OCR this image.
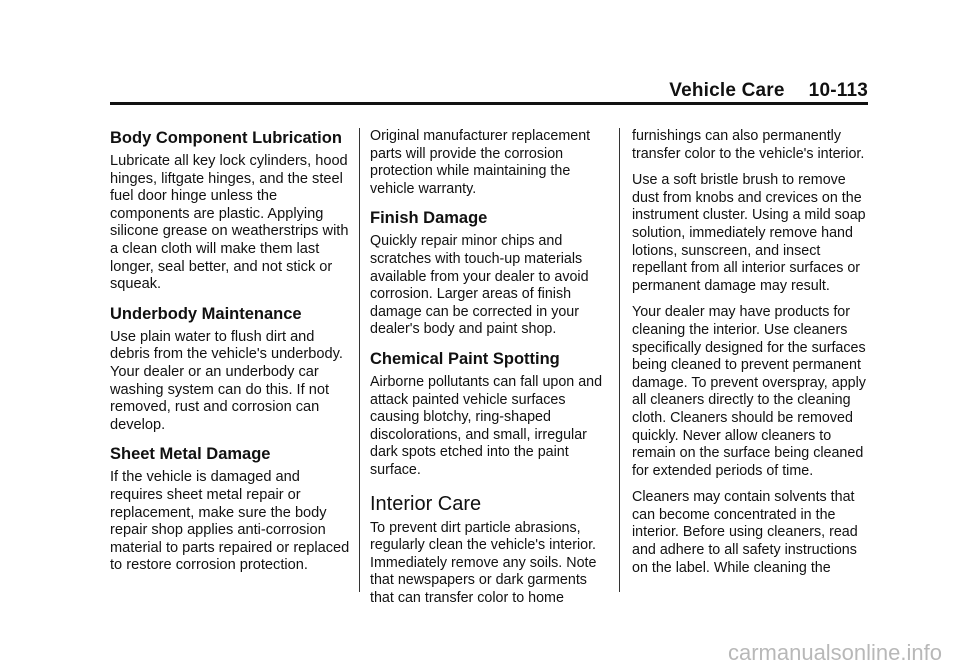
Vehicle Care 10-113
Body Component Lubrication

Lubricate all key lock cylinders, hood hinges, liftgate hinges, and the steel fuel door hinge unless the components are plastic. Applying silicone grease on weatherstrips with a clean cloth will make them last longer, seal better, and not stick or squeak.

Underbody Maintenance

Use plain water to flush dirt and debris from the vehicle's underbody. Your dealer or an underbody car washing system can do this. If not removed, rust and corrosion can develop.

Sheet Metal Damage

If the vehicle is damaged and requires sheet metal repair or replacement, make sure the body repair shop applies anti-corrosion material to parts repaired or replaced to restore corrosion protection.

Original manufacturer replacement parts will provide the corrosion protection while maintaining the vehicle warranty.

Finish Damage

Quickly repair minor chips and scratches with touch-up materials available from your dealer to avoid corrosion. Larger areas of finish damage can be corrected in your dealer's body and paint shop.

Chemical Paint Spotting

Airborne pollutants can fall upon and attack painted vehicle surfaces causing blotchy, ring-shaped discolorations, and small, irregular dark spots etched into the paint surface.

Interior Care

To prevent dirt particle abrasions, regularly clean the vehicle's interior. Immediately remove any soils. Note that newspapers or dark garments that can transfer color to home

furnishings can also permanently transfer color to the vehicle's interior.

Use a soft bristle brush to remove dust from knobs and crevices on the instrument cluster. Using a mild soap solution, immediately remove hand lotions, sunscreen, and insect repellant from all interior surfaces or permanent damage may result.

Your dealer may have products for cleaning the interior. Use cleaners specifically designed for the surfaces being cleaned to prevent permanent damage. To prevent overspray, apply all cleaners directly to the cleaning cloth. Cleaners should be removed quickly. Never allow cleaners to remain on the surface being cleaned for extended periods of time.

Cleaners may contain solvents that can become concentrated in the interior. Before using cleaners, read and adhere to all safety instructions on the label. While cleaning the

carmanualsonline.info
